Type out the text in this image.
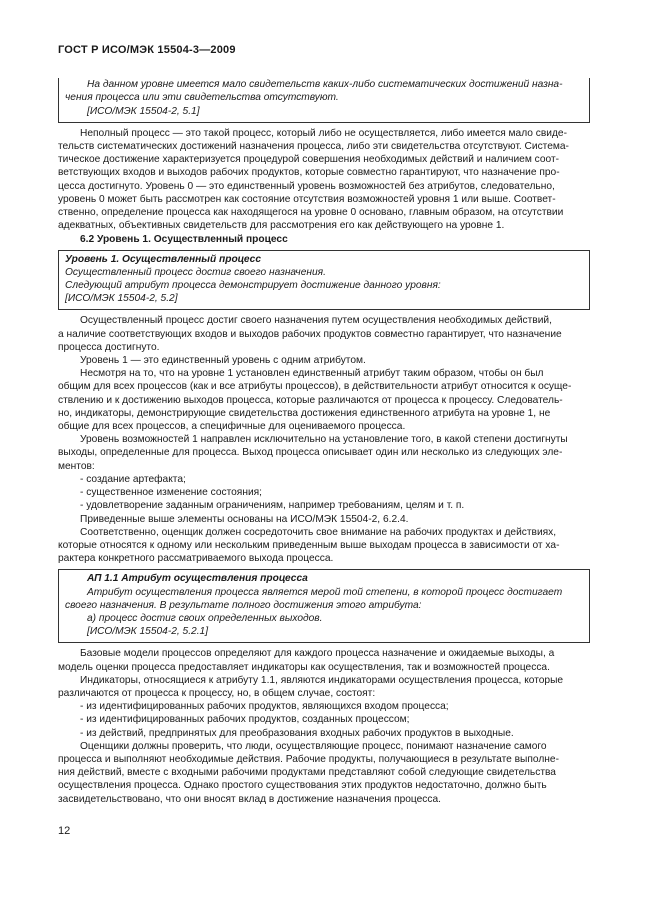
ГОСТ Р ИСО/МЭК 15504-3—2009

На данном уровне имеется мало свидетельств каких-либо систематических достижений назна-

чения процесса или эти свидетельства отсутствуют.

[ИСО/МЭК 15504-2, 5.1]

Неполный процесс — это такой процесс, который либо не осуществляется, либо имеется мало свиде-

тельств систематических достижений назначения процесса, либо эти свидетельства отсутствуют. Система-

тическое достижение характеризуется процедурой совершения необходимых действий и наличием соот-

ветствующих входов и выходов рабочих продуктов, которые совместно гарантируют, что назначение про-

цесса достигнуто. Уровень 0 — это единственный уровень возможностей без атрибутов, следовательно,

уровень 0 может быть рассмотрен как состояние отсутствия возможностей уровня 1 или выше. Соответ-

ственно, определение процесса как находящегося на уровне 0 основано, главным образом, на отсутствии

адекватных, объективных свидетельств для рассмотрения его как действующего на уровне 1.

6.2 Уровень 1. Осуществленный процесс

Уровень 1. Осуществленный процесс

Осуществленный процесс достиг своего назначения.

Следующий атрибут процесса демонстрирует достижение данного уровня:

[ИСО/МЭК 15504-2, 5.2]

Осуществленный процесс достиг своего назначения путем осуществления необходимых действий,

а наличие соответствующих входов и выходов рабочих продуктов совместно гарантирует, что назначение

процесса достигнуто.

Уровень 1 — это единственный уровень с одним атрибутом.

Несмотря на то, что на уровне 1 установлен единственный атрибут таким образом, чтобы он был

общим для всех процессов (как и все атрибуты процессов), в действительности атрибут относится к осуще-

ствлению и к достижению выходов процесса, которые различаются от процесса к процессу. Следователь-

но, индикаторы, демонстрирующие свидетельства достижения единственного атрибута на уровне 1, не

общие для всех процессов, а специфичные для оцениваемого процесса.

Уровень возможностей 1 направлен исключительно на установление того, в какой степени достигнуты

выходы, определенные для процесса. Выход процесса описывает один или несколько из следующих эле-

ментов:

- создание артефакта;

- существенное изменение состояния;

- удовлетворение заданным ограничениям, например требованиям, целям и т. п.

Приведенные выше элементы основаны на ИСО/МЭК 15504-2, 6.2.4.

Соответственно, оценщик должен сосредоточить свое внимание на рабочих продуктах и действиях,

которые относятся к одному или нескольким приведенным выше выходам процесса в зависимости от ха-

рактера конкретного рассматриваемого выхода процесса.

АП 1.1 Атрибут осуществления процесса

Атрибут осуществления процесса является мерой той степени, в которой процесс достигает

своего назначения. В результате полного достижения этого атрибута:

а) процесс достиг своих определенных выходов.

[ИСО/МЭК 15504-2, 5.2.1]

Базовые модели процессов определяют для каждого процесса назначение и ожидаемые выходы, а

модель оценки процесса предоставляет индикаторы как осуществления, так и возможностей процесса.

Индикаторы, относящиеся к атрибуту 1.1, являются индикаторами осуществления процесса, которые

различаются от процесса к процессу, но, в общем случае, состоят:

- из идентифицированных рабочих продуктов, являющихся входом процесса;

- из идентифицированных рабочих продуктов, созданных процессом;

- из действий, предпринятых для преобразования входных рабочих продуктов в выходные.

Оценщики должны проверить, что люди, осуществляющие процесс, понимают назначение самого

процесса и выполняют необходимые действия. Рабочие продукты, получающиеся в результате выполне-

ния действий, вместе с входными рабочими продуктами представляют собой следующие свидетельства

осуществления процесса. Однако простого существования этих продуктов недостаточно, должно быть

засвидетельствовано, что они вносят вклад в достижение назначения процесса.

12
